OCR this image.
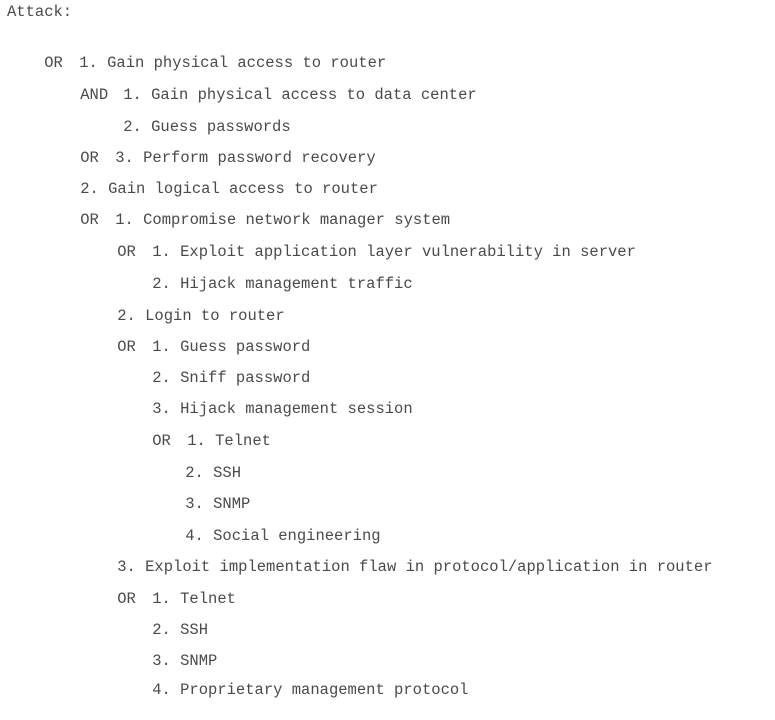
Attack:

OR 1. Gain physical access to router

AND 1. Gain physical access to data center

2. Guess passwords

OR 3. Perform password recovery

2. Gain logical access to router

OR 1. Compromise network manager system

OR 1. Exploit application layer vulnerability in server

2. Hijack management traffic

2. Login to router

OR 1. Guess password

2. Sniff password

3. Hijack management session

OR 1. Telnet

2. SSH

3. SNMP

4. Social engineering

3. Exploit implementation flaw in protocol/application in router

OR 1. Telnet

2. SSH

3. SNMP

4. Proprietary management protocol
